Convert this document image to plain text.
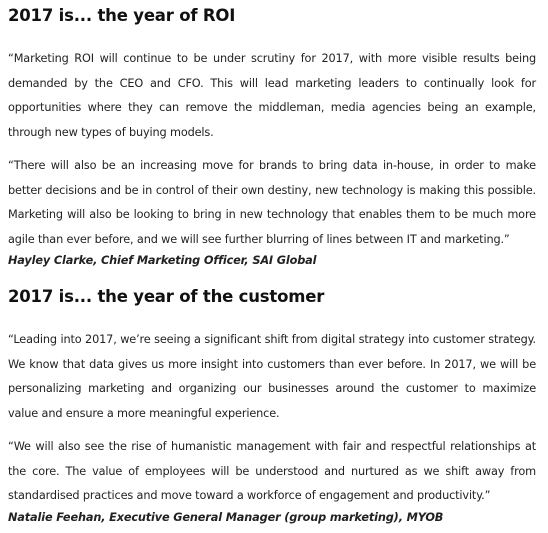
2017 is... the year of ROI

“Marketing ROI will continue to be under scrutiny for 2017, with more visible results being demanded by the CEO and CFO. This will lead marketing leaders to continually look for opportunities where they can remove the middleman, media agencies being an example, through new types of buying models.

“There will also be an increasing move for brands to bring data in-house, in order to make better decisions and be in control of their own destiny, new technology is making this possible. Marketing will also be looking to bring in new technology that enables them to be much more agile than ever before, and we will see further blurring of lines between IT and marketing.”

Hayley Clarke, Chief Marketing Officer, SAI Global

2017 is... the year of the customer

“Leading into 2017, we’re seeing a significant shift from digital strategy into customer strategy. We know that data gives us more insight into customers than ever before. In 2017, we will be personalizing marketing and organizing our businesses around the customer to maximize value and ensure a more meaningful experience.

“We will also see the rise of humanistic management with fair and respectful relationships at the core. The value of employees will be understood and nurtured as we shift away from standardised practices and move toward a workforce of engagement and productivity.”

Natalie Feehan, Executive General Manager (group marketing), MYOB
